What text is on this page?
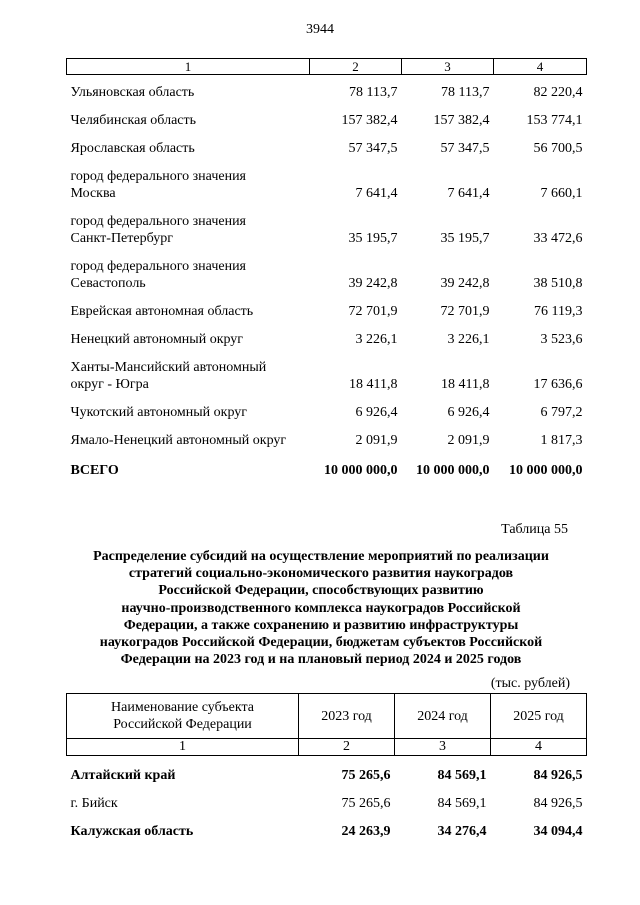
3944
1	2	3	4

Ульяновская область	78 113,7	78 113,7	82 220,4

Челябинская область	157 382,4	157 382,4	153 774,1

Ярославская область	57 347,5	57 347,5	56 700,5

город федерального значения
Москва	7 641,4	7 641,4	7 660,1

город федерального значения
Санкт-Петербург	35 195,7	35 195,7	33 472,6

город федерального значения
Севастополь	39 242,8	39 242,8	38 510,8

Еврейская автономная область	72 701,9	72 701,9	76 119,3

Ненецкий автономный округ	3 226,1	3 226,1	3 523,6

Ханты-Мансийский автономный
округ - Югра	18 411,8	18 411,8	17 636,6

Чукотский автономный округ	6 926,4	6 926,4	6 797,2

Ямало-Ненецкий автономный округ	2 091,9	2 091,9	1 817,3
ВСЕГО	10 000 000,0	10 000 000,0	10 000 000,0
Таблица 55
Распределение субсидий на осуществление мероприятий по реализации
стратегий социально-экономического развития наукоградов
Российской Федерации, способствующих развитию
научно-производственного комплекса наукоградов Российской
Федерации, а также сохранению и развитию инфраструктуры
наукоградов Российской Федерации, бюджетам субъектов Российской
Федерации на 2023 год и на плановый период 2024 и 2025 годов
(тыс. рублей)
Наименование субъекта
Российской Федерации	2023 год	2024 год	2025 год
1	2	3	4
Алтайский край	75 265,6	84 569,1	84 926,5
г. Бийск	75 265,6	84 569,1	84 926,5
Калужская область	24 263,9	34 276,4	34 094,4
